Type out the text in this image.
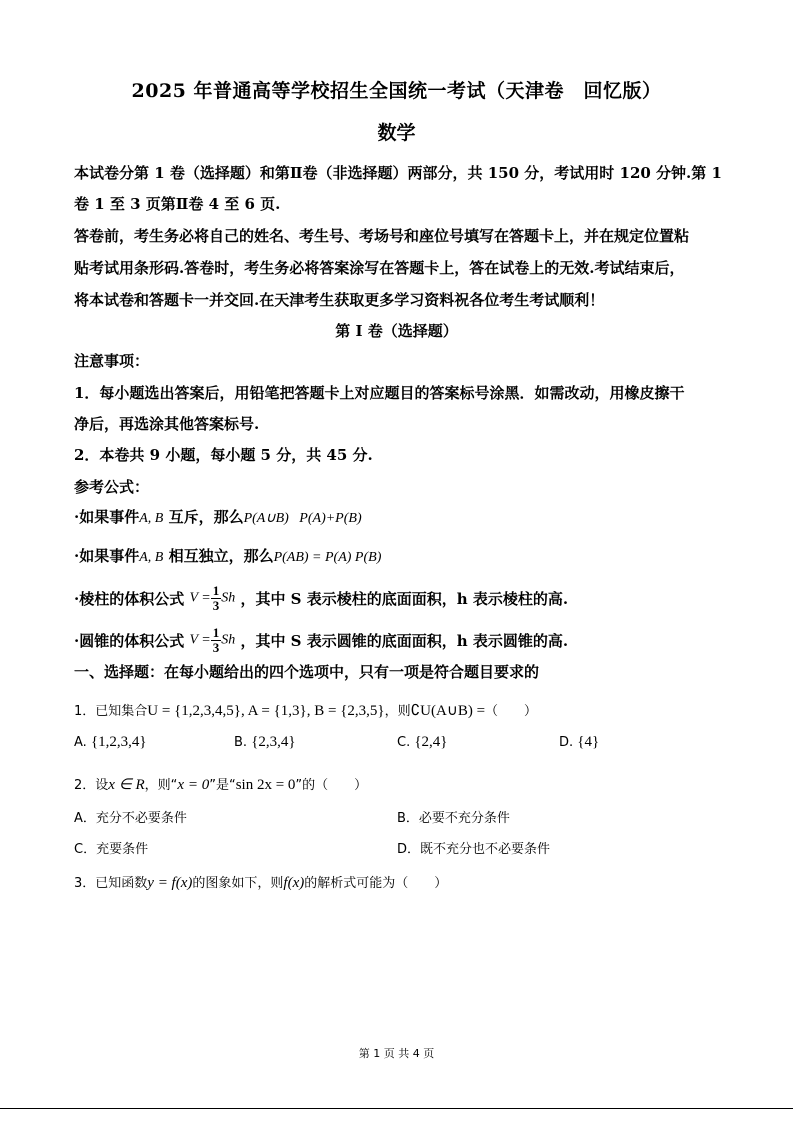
2025 年普通高等学校招生全国统一考试（天津卷　回忆版）
数学
本试卷分第 1 卷（选择题）和第Ⅱ卷（非选择题）两部分，共 150 分，考试用时 120 分钟.第 1
卷 1 至 3 页第Ⅱ卷 4 至 6 页.
答卷前，考生务必将自己的姓名、考生号、考场号和座位号填写在答题卡上，并在规定位置粘
贴考试用条形码.答卷时，考生务必将答案涂写在答题卡上，答在试卷上的无效.考试结束后，
将本试卷和答题卡一并交回.在天津考生获取更多学习资料祝各位考生考试顺利！
第 I 卷（选择题）
注意事项：
1．每小题选出答案后，用铅笔把答题卡上对应题目的答案标号涂黑．如需改动，用橡皮擦干
净后，再选涂其他答案标号.
2．本卷共 9 小题，每小题 5 分，共 45 分.
参考公式：
·如果事件A, B 互斥，那么P(A∪B)   P(A)+P(B)
·如果事件A, B 相互独立，那么P(AB) = P(A) P(B)
·棱柱的体积公式 $V = \frac{1}{3}$ Sh ，其中 S 表示棱柱的底面面积，h 表示棱柱的高.
·圆锥的体积公式 $V = \frac{1}{3}$ Sh ，其中 S 表示圆锥的底面面积，h 表示圆锥的高.
一、选择题：在每小题给出的四个选项中，只有一项是符合题目要求的
1．已知集合U = {1,2,3,4,5}, A = {1,3}, B = {2,3,5}，则∁U(A∪B) =（　　）
A. {1,2,3,4}	B. {2,3,4}	C. {2,4}	D. {4}
2．设x ∈ R，则“x = 0”是“sin 2x = 0”的（　　）
A．充分不必要条件	B．必要不充分条件
C．充要条件	D．既不充分也不必要条件
3．已知函数y = f(x)的图象如下，则f(x)的解析式可能为（　　）
第 1 页 共 4 页
